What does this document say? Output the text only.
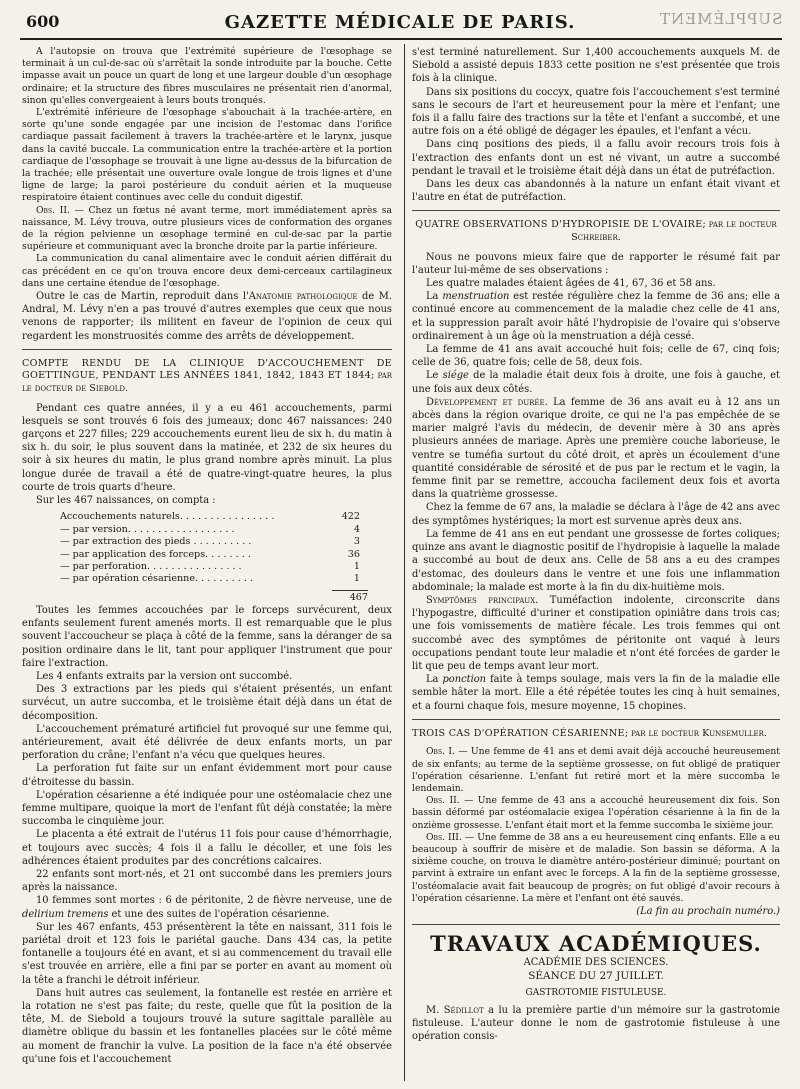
600	GAZETTE MÉDICALE DE PARIS.	SUPPLÉMENT

A l'autopsie on trouva que l'extrémité supérieure de l'œsophage se terminait à un cul-de-sac où s'arrêtait la sonde introduite par la bouche. Cette impasse avait un pouce un quart de long et une largeur double d'un œsophage ordinaire; et la structure des fibres musculaires ne présentait rien d'anormal, sinon qu'elles convergeaient à leurs bouts tronqués.

L'extrémité inférieure de l'œsophage s'abouchait à la trachée-artère, en sorte qu'une sonde engagée par une incision de l'estomac dans l'orifice cardiaque passait facilement à travers la trachée-artère et le larynx, jusque dans la cavité buccale. La communication entre la trachée-artère et la portion cardiaque de l'œsophage se trouvait à une ligne au-dessus de la bifurcation de la trachée; elle présentait une ouverture ovale longue de trois lignes et d'une ligne de large; la paroi postérieure du conduit aérien et la muqueuse respiratoire étaient continues avec celle du conduit digestif.

Obs. II. — Chez un fœtus né avant terme, mort immédiatement après sa naissance, M. Lévy trouva, outre plusieurs vices de conformation des organes de la région pelvienne un œsophage terminé en cul-de-sac par la partie supérieure et communiquant avec la bronche droite par la partie inférieure.

La communication du canal alimentaire avec le conduit aérien différait du cas précédent en ce qu'on trouva encore deux demi-cerceaux cartilagineux dans une certaine étendue de l'œsophage.

Outre le cas de Martin, reproduit dans l'Anatomie pathologique de M. Andral, M. Lévy n'en a pas trouvé d'autres exemples que ceux que nous venons de rapporter; ils militent en faveur de l'opinion de ceux qui regardent les monstruosités comme des arrêts de développement.

COMPTE RENDU DE LA CLINIQUE D'ACCOUCHEMENT DE GOETTINGUE, PENDANT LES ANNÉES 1841, 1842, 1843 ET 1844; par le docteur de Siebold.

Pendant ces quatre années, il y a eu 461 accouchements, parmi lesquels se sont trouvés 6 fois des jumeaux; donc 467 naissances: 240 garçons et 227 filles; 229 accouchements eurent lieu de six h. du matin à six h. du soir, le plus souvent dans la matinée, et 232 de six heures du soir à six heures du matin, le plus grand nombre après minuit. La plus longue durée de travail a été de quatre-vingt-quatre heures, la plus courte de trois quarts d'heure.

Sur les 467 naissances, on compta :

Accouchements naturels. . . . . . . . . . . . . . . .	422
— par version. . . . . . . . . . . . . . . . . .	4
— par extraction des pieds . . . . . . . . . .	3
— par application des forceps. . . . . . . .	36
— par perforation. . . . . . . . . . . . . . . .	1
— par opération césarienne. . . . . . . . . .	1
467

Toutes les femmes accouchées par le forceps survécurent, deux enfants seulement furent amenés morts. Il est remarquable que le plus souvent l'accoucheur se plaça à côté de la femme, sans la déranger de sa position ordinaire dans le lit, tant pour appliquer l'instrument que pour faire l'extraction.

Les 4 enfants extraits par la version ont succombé.

Des 3 extractions par les pieds qui s'étaient présentés, un enfant survécut, un autre succomba, et le troisième était déjà dans un état de décomposition.

L'accouchement prématuré artificiel fut provoqué sur une femme qui, antérieurement, avait été délivrée de deux enfants morts, un par perforation du crâne; l'enfant n'a vécu que quelques heures.

La perforation fut faite sur un enfant évidemment mort pour cause d'étroitesse du bassin.

L'opération césarienne a été indiquée pour une ostéomalacie chez une femme multipare, quoique la mort de l'enfant fût déjà constatée; la mère succomba le cinquième jour.

Le placenta a été extrait de l'utérus 11 fois pour cause d'hémorrhagie, et toujours avec succès; 4 fois il a fallu le décoller, et une fois les adhérences étaient produites par des concrétions calcaires.

22 enfants sont mort-nés, et 21 ont succombé dans les premiers jours après la naissance.

10 femmes sont mortes : 6 de péritonite, 2 de fièvre nerveuse, une de delirium tremens et une des suites de l'opération césarienne.

Sur les 467 enfants, 453 présentèrent la tête en naissant, 311 fois le pariétal droit et 123 fois le pariétal gauche. Dans 434 cas, la petite fontanelle a toujours été en avant, et si au commencement du travail elle s'est trouvée en arrière, elle a fini par se porter en avant au moment où la tête a franchi le détroit inférieur.

Dans huit autres cas seulement, la fontanelle est restée en arrière et la rotation ne s'est pas faite; du reste, quelle que fût la position de la tête, M. de Siebold a toujours trouvé la suture sagittale parallèle au diamètre oblique du bassin et les fontanelles placées sur le côté même au moment de franchir la vulve. La position de la face n'a été observée qu'une fois et l'accouchement

s'est terminé naturellement. Sur 1,400 accouchements auxquels M. de Siebold a assisté depuis 1833 cette position ne s'est présentée que trois fois à la clinique.

Dans six positions du coccyx, quatre fois l'accouchement s'est terminé sans le secours de l'art et heureusement pour la mère et l'enfant; une fois il a fallu faire des tractions sur la tête et l'enfant a succombé, et une autre fois on a été obligé de dégager les épaules, et l'enfant a vécu.

Dans cinq positions des pieds, il a fallu avoir recours trois fois à l'extraction des enfants dont un est né vivant, un autre a succombé pendant le travail et le troisième était déjà dans un état de putréfaction.

Dans les deux cas abandonnés à la nature un enfant était vivant et l'autre en état de putréfaction.

QUATRE OBSERVATIONS D'HYDROPISIE DE L'OVAIRE; par le docteur Schreiber.

Nous ne pouvons mieux faire que de rapporter le résumé fait par l'auteur lui-même de ses observations :

Les quatre malades étaient âgées de 41, 67, 36 et 58 ans.

La menstruation est restée régulière chez la femme de 36 ans; elle a continué encore au commencement de la maladie chez celle de 41 ans, et la suppression paraît avoir hâté l'hydropisie de l'ovaire qui s'observe ordinairement à un âge où la menstruation a déjà cessé.

La femme de 41 ans avait accouché huit fois; celle de 67, cinq fois; celle de 36, quatre fois; celle de 58, deux fois.

Le siége de la maladie était deux fois à droite, une fois à gauche, et une fois aux deux côtés.

Développement et durée. La femme de 36 ans avait eu à 12 ans un abcès dans la région ovarique droite, ce qui ne l'a pas empêchée de se marier malgré l'avis du médecin, de devenir mère à 30 ans après plusieurs années de mariage. Après une première couche laborieuse, le ventre se tuméfia surtout du côté droit, et après un écoulement d'une quantité considérable de sérosité et de pus par le rectum et le vagin, la femme finit par se remettre, accoucha facilement deux fois et avorta dans la quatrième grossesse.

Chez la femme de 67 ans, la maladie se déclara à l'âge de 42 ans avec des symptômes hystériques; la mort est survenue après deux ans.

La femme de 41 ans en eut pendant une grossesse de fortes coliques; quinze ans avant le diagnostic positif de l'hydropisie à laquelle la malade a succombé au bout de deux ans. Celle de 58 ans a eu des crampes d'estomac, des douleurs dans le ventre et une fois une inflammation abdominale; la malade est morte à la fin du dix-huitième mois.

Symptômes principaux. Tuméfaction indolente, circonscrite dans l'hypogastre, difficulté d'uriner et constipation opiniâtre dans trois cas; une fois vomissements de matière fécale. Les trois femmes qui ont succombé avec des symptômes de péritonite ont vaqué à leurs occupations pendant toute leur maladie et n'ont été forcées de garder le lit que peu de temps avant leur mort.

La ponction faite à temps soulage, mais vers la fin de la maladie elle semble hâter la mort. Elle a été répétée toutes les cinq à huit semaines, et a fourni chaque fois, mesure moyenne, 15 chopines.

TROIS CAS D'OPÉRATION CÉSARIENNE; par le docteur Kunsemuller.

Obs. I. — Une femme de 41 ans et demi avait déjà accouché heureusement de six enfants; au terme de la septième grossesse, on fut obligé de pratiquer l'opération césarienne. L'enfant fut retiré mort et la mère succomba le lendemain.

Obs. II. — Une femme de 43 ans a accouché heureusement dix fois. Son bassin déformé par ostéomalacie exigea l'opération césarienne à la fin de la onzième grossesse. L'enfant était mort et la femme succomba le sixième jour.

Obs. III. — Une femme de 38 ans a eu heureusement cinq enfants. Elle a eu beaucoup à souffrir de misère et de maladie. Son bassin se déforma. A la sixième couche, on trouva le diamètre antéro-postérieur diminué; pourtant on parvint à extraire un enfant avec le forceps. A la fin de la septième grossesse, l'ostéomalacie avait fait beaucoup de progrès; on fut obligé d'avoir recours à l'opération césarienne. La mère et l'enfant ont été sauvés.

(La fin au prochain numéro.)

TRAVAUX ACADÉMIQUES.

ACADÉMIE DES SCIENCES.

SÉANCE DU 27 JUILLET.

GASTROTOMIE FISTULEUSE.

M. Sédillot a lu la première partie d'un mémoire sur la gastrotomie fistuleuse. L'auteur donne le nom de gastrotomie fistuleuse à une opération consis-
